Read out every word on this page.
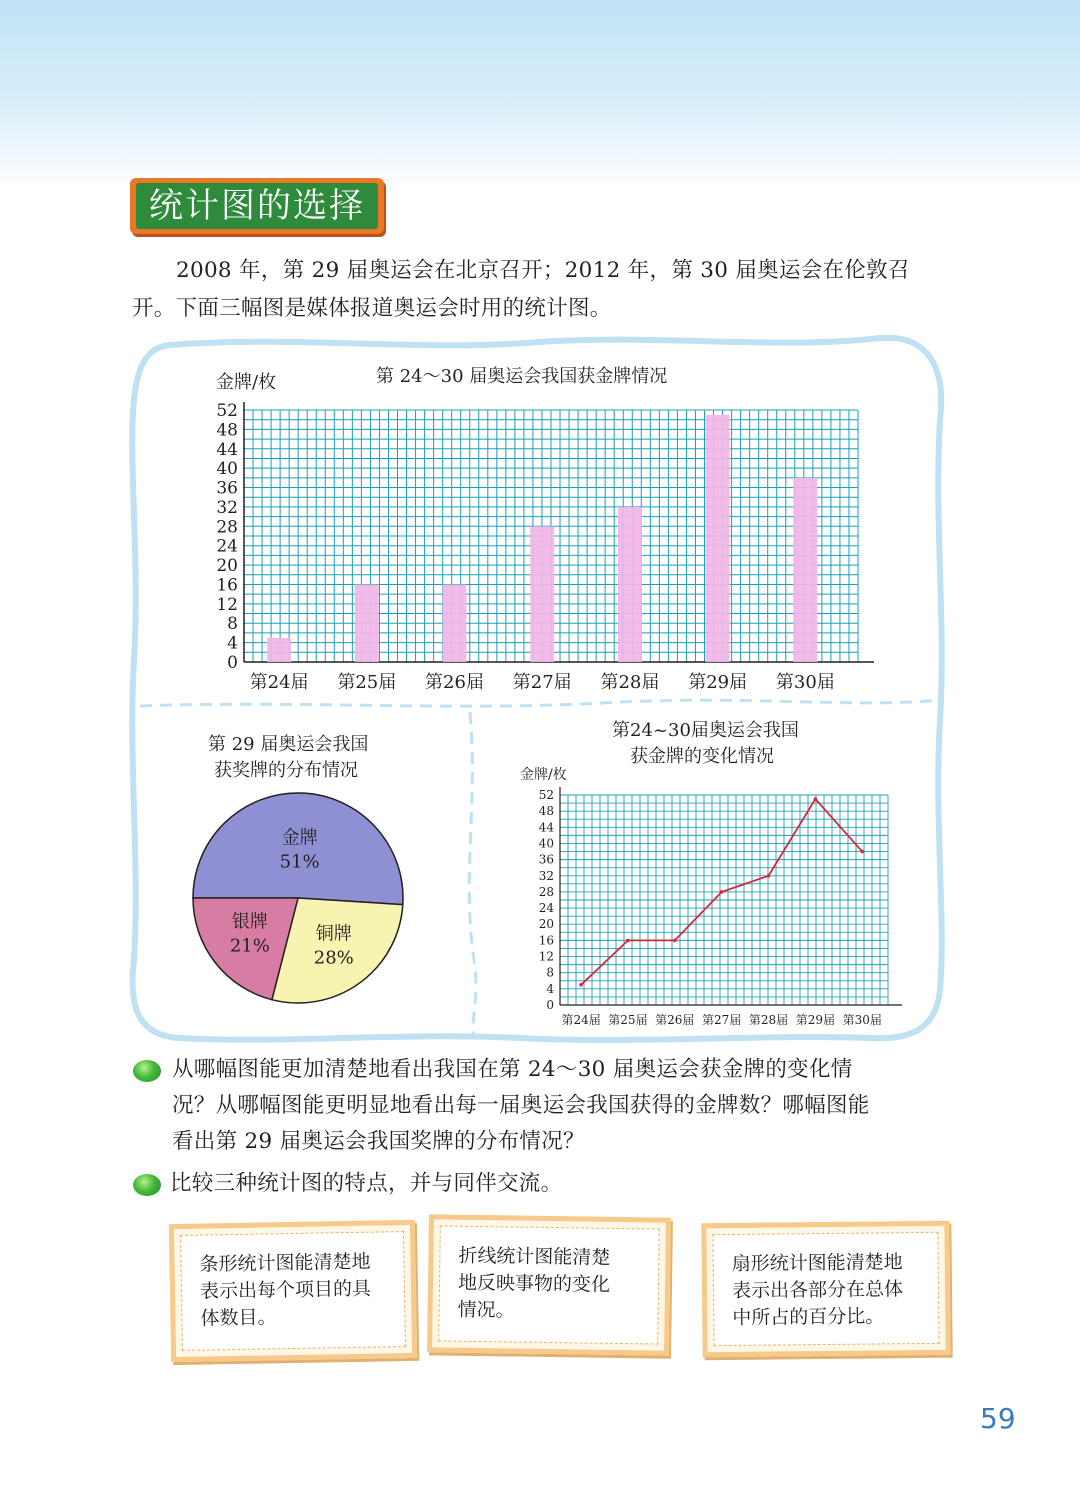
统计图的选择

2008 年，第 29 届奥运会在北京召开；2012 年，第 30 届奥运会在伦敦召

开。下面三幅图是媒体报道奥运会时用的统计图。

第 24～30 届奥运会我国获金牌情况
金牌/枚
0
4
8
12
16
20
24
28
32
36
40
44
48
52
第24届 第25届 第26届 第27届 第28届 第29届 第30届
第 29 届奥运会我国
获奖牌的分布情况
金牌
51%
铜牌
28%
银牌
21%
第24~30届奥运会我国
获金牌的变化情况
金牌/枚
0
4
8
12
16
20
24
28
32
36
40
44
48
52
第24届 第25届 第26届 第27届 第28届 第29届 第30届
从哪幅图能更加清楚地看出我国在第 24～30 届奥运会获金牌的变化情
况？从哪幅图能更明显地看出每一届奥运会我国获得的金牌数？哪幅图能
看出第 29 届奥运会我国奖牌的分布情况？
比较三种统计图的特点，并与同伴交流。
条形统计图能清楚地
表示出每个项目的具
体数目。
折线统计图能清楚
地反映事物的变化
情况。
扇形统计图能清楚地
表示出各部分在总体
中所占的百分比。
59
